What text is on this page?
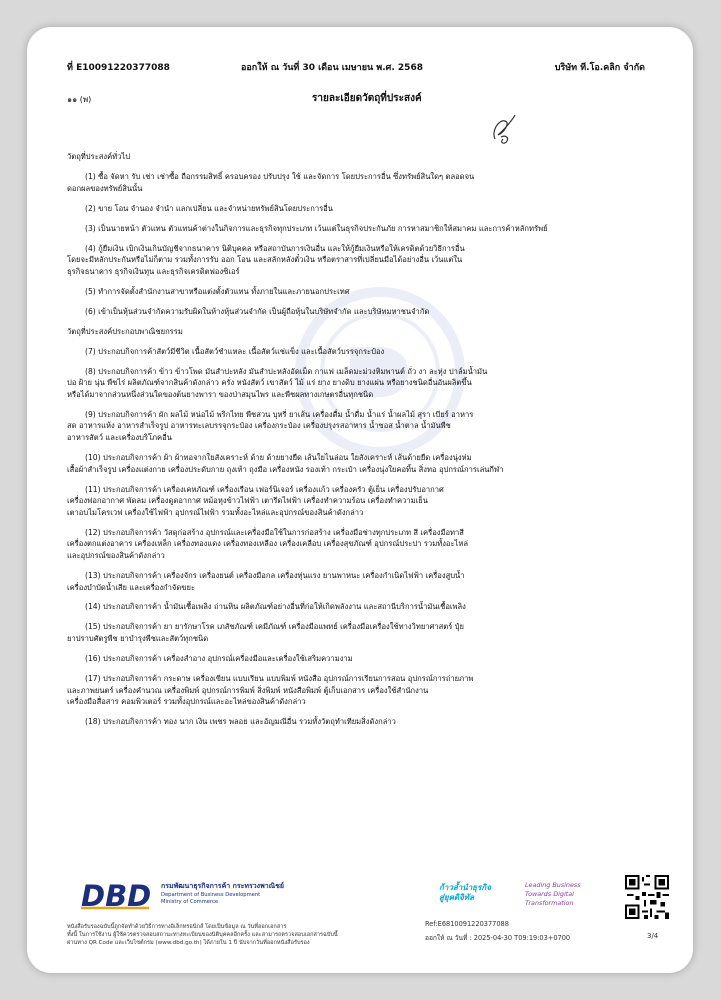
ที่ E10091220377088	ออกให้ ณ วันที่ 30 เดือน เมษายน พ.ศ. 2568	บริษัท ที.โอ.คลิก จำกัด
๑๑ (พ)	รายละเอียดวัตถุที่ประสงค์

วัตถุที่ประสงค์ทั่วไป

(1) ซื้อ จัดหา รับ เช่า เช่าซื้อ ถือกรรมสิทธิ์ ครอบครอง ปรับปรุง ใช้ และจัดการ โดยประการอื่น ซึ่งทรัพย์สินใดๆ ตลอดจน
ดอกผลของทรัพย์สินนั้น

(2) ขาย โอน จำนอง จำนำ แลกเปลี่ยน และจำหน่ายทรัพย์สินโดยประการอื่น

(3) เป็นนายหน้า ตัวแทน ตัวแทนค้าต่างในกิจการและธุรกิจทุกประเภท เว้นแต่ในธุรกิจประกันภัย การหาสมาชิกให้สมาคม และการค้าหลักทรัพย์

(4) กู้ยืมเงิน เบิกเงินเกินบัญชีจากธนาคาร นิติบุคคล หรือสถาบันการเงินอื่น และให้กู้ยืมเงินหรือให้เครดิตด้วยวิธีการอื่น
โดยจะมีหลักประกันหรือไม่ก็ตาม รวมทั้งการรับ ออก โอน และสลักหลังตั๋วเงิน หรือตราสารที่เปลี่ยนมือได้อย่างอื่น เว้นแต่ใน
ธุรกิจธนาคาร ธุรกิจเงินทุน และธุรกิจเครดิตฟองซิเอร์

(5) ทำการจัดตั้งสำนักงานสาขาหรือแต่งตั้งตัวแทน ทั้งภายในและภายนอกประเทศ

(6) เข้าเป็นหุ้นส่วนจำกัดความรับผิดในห้างหุ้นส่วนจำกัด เป็นผู้ถือหุ้นในบริษัทจำกัด และบริษัทมหาชนจำกัด

วัตถุที่ประสงค์ประกอบพาณิชยกรรม

(7) ประกอบกิจการค้าสัตว์มีชีวิต เนื้อสัตว์ชำแหละ เนื้อสัตว์แช่แข็ง และเนื้อสัตว์บรรจุกระป๋อง

(8) ประกอบกิจการค้า ข้าว ข้าวโพด มันสำปะหลัง มันสำปะหลังอัดเม็ด กาแฟ เมล็ดมะม่วงหิมพานต์ ถั่ว งา ละหุ่ง ปาล์มน้ำมัน
ปอ ฝ้าย นุ่น พืชไร่ ผลิตภัณฑ์จากสินค้าดังกล่าว ครั่ง หนังสัตว์ เขาสัตว์ ไม้ แร่ ยาง ยางดิบ ยางแผ่น หรือยางชนิดอื่นอันผลิตขึ้น
หรือได้มาจากส่วนหนึ่งส่วนใดของต้นยางพารา ของป่าสมุนไพร และพืชผลทางเกษตรอื่นทุกชนิด

(9) ประกอบกิจการค้า ผัก ผลไม้ หน่อไม้ พริกไทย พืชสวน บุหรี่ ยาเส้น เครื่องดื่ม น้ำดื่ม น้ำแร่ น้ำผลไม้ สุรา เบียร์ อาหาร
สด อาหารแห้ง อาหารสำเร็จรูป อาหารทะเลบรรจุกระป๋อง เครื่องกระป๋อง เครื่องปรุงรสอาหาร น้ำซอส น้ำตาล น้ำมันพืช
อาหารสัตว์ และเครื่องบริโภคอื่น

(10) ประกอบกิจการค้า ผ้า ผ้าทอจากใยสังเคราะห์ ด้าย ด้ายยางยืด เส้นใยไนล่อน ใยสังเคราะห์ เส้นด้ายยืด เครื่องนุ่งห่ม
เสื้อผ้าสำเร็จรูป เครื่องแต่งกาย เครื่องประดับกาย ถุงเท้า ถุงมือ เครื่องหนัง รองเท้า กระเป๋า เครื่องนุ่งใยคอทิ้น สิ่งทอ อุปกรณ์การเล่นกีฬา

(11) ประกอบกิจการค้า เครื่องเคหภัณฑ์ เครื่องเรือน เฟอร์นิเจอร์ เครื่องแก้ว เครื่องครัว ตู้เย็น เครื่องปรับอากาศ
เครื่องฟอกอากาศ พัดลม เครื่องดูดอากาศ หม้อหุงข้าวไฟฟ้า เตารีดไฟฟ้า เครื่องทำความร้อน เครื่องทำความเย็น
เตาอบไมโครเวฟ เครื่องใช้ไฟฟ้า อุปกรณ์ไฟฟ้า รวมทั้งอะไหล่และอุปกรณ์ของสินค้าดังกล่าว

(12) ประกอบกิจการค้า วัสดุก่อสร้าง อุปกรณ์และเครื่องมือใช้ในการก่อสร้าง เครื่องมือช่างทุกประเภท สี เครื่องมือทาสี
เครื่องตกแต่งอาคาร เครื่องเหล็ก เครื่องทองแดง เครื่องทองเหลือง เครื่องเคลือบ เครื่องสุขภัณฑ์ อุปกรณ์ประปา รวมทั้งอะไหล่
และอุปกรณ์ของสินค้าดังกล่าว

(13) ประกอบกิจการค้า เครื่องจักร เครื่องยนต์ เครื่องมือกล เครื่องทุ่นแรง ยานพาหนะ เครื่องกำเนิดไฟฟ้า เครื่องสูบน้ำ
เครื่องบำบัดน้ำเสีย และเครื่องกำจัดขยะ

(14) ประกอบกิจการค้า น้ำมันเชื้อเพลิง ถ่านหิน ผลิตภัณฑ์อย่างอื่นที่ก่อให้เกิดพลังงาน และสถานีบริการน้ำมันเชื้อเพลิง

(15) ประกอบกิจการค้า ยา ยารักษาโรค เภสัชภัณฑ์ เคมีภัณฑ์ เครื่องมือแพทย์ เครื่องมือเครื่องใช้ทางวิทยาศาสตร์ ปุ๋ย
ยาปราบศัตรูพืช ยาบำรุงพืชและสัตว์ทุกชนิด

(16) ประกอบกิจการค้า เครื่องสำอาง อุปกรณ์เครื่องมือและเครื่องใช้เสริมความงาม

(17) ประกอบกิจการค้า กระดาษ เครื่องเขียน แบบเรียน แบบพิมพ์ หนังสือ อุปกรณ์การเรียนการสอน อุปกรณ์การถ่ายภาพ
และภาพยนตร์ เครื่องคำนวณ เครื่องพิมพ์ อุปกรณ์การพิมพ์ สิ่งพิมพ์ หนังสือพิมพ์ ตู้เก็บเอกสาร เครื่องใช้สำนักงาน
เครื่องมือสื่อสาร คอมพิวเตอร์ รวมทั้งอุปกรณ์และอะไหล่ของสินค้าดังกล่าว

(18) ประกอบกิจการค้า ทอง นาก เงิน เพชร พลอย และอัญมณีอื่น รวมทั้งวัตถุทำเทียมสิ่งดังกล่าว

DBD กรมพัฒนาธุรกิจการค้า กระทรวงพาณิชย์
Department of Business Development
Ministry of Commerce
ก้าวล้ำนำธุรกิจ
สู่ยุคดิจิทัล
Leading Business
Towards Digital
Transformation
หนังสือรับรองฉบับนี้ถูกจัดทำด้วยวิธีการทางอิเล็กทรอนิกส์ โดยเป็นข้อมูล ณ วันที่ออกเอกสาร
ทั้งนี้ ในการใช้งาน ผู้ใช้ควรตรวจสอบสถานะทางทะเบียนของนิติบุคคลอีกครั้ง และสามารถตรวจสอบเอกสารฉบับนี้
ผ่านทาง QR Code และเว็บไซต์กรม (www.dbd.go.th) ได้ภายใน 1 ปี นับจากวันที่ออกหนังสือรับรอง
Ref:E6810091220377088
ออกให้ ณ วันที่ : 2025-04-30 T09:19:03+0700	3/4
